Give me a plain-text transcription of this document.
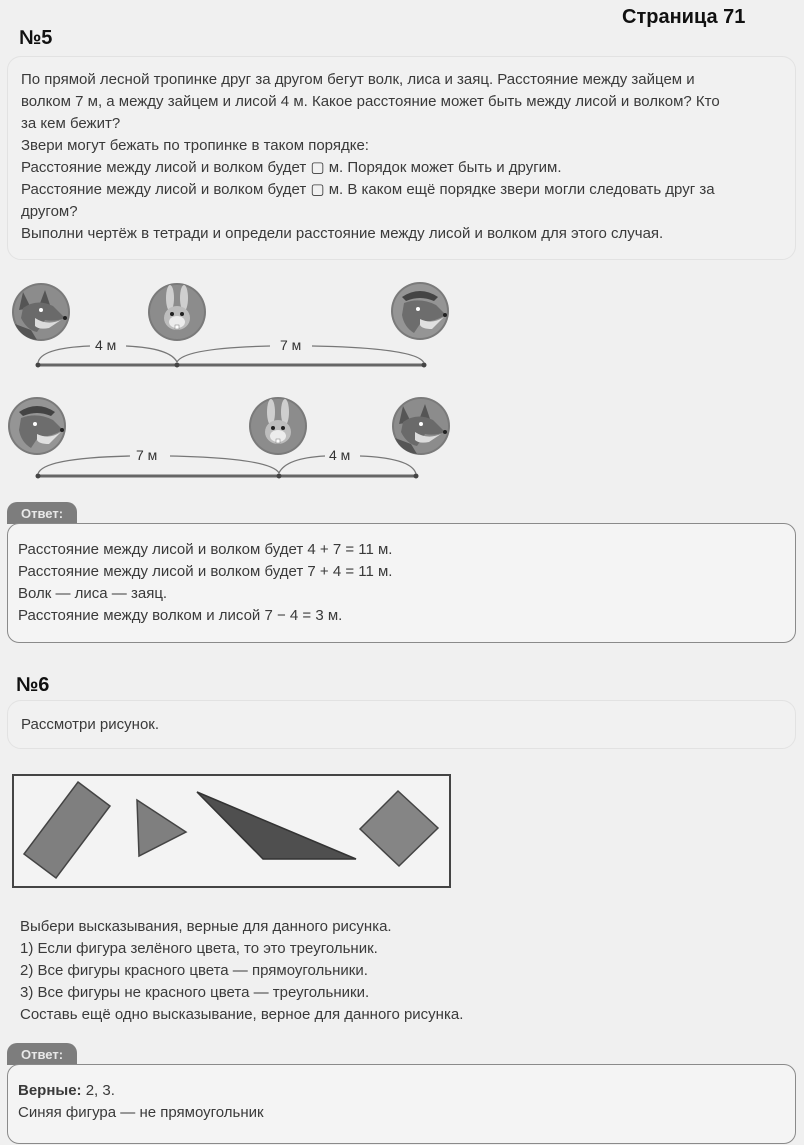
Страница 71
№5
По прямой лесной тропинке друг за другом бегут волк, лиса и заяц. Расстояние между зайцем и
волком 7 м, а между зайцем и лисой 4 м. Какое расстояние может быть между лисой и волком? Кто
за кем бежит?
Звери могут бежать по тропинке в таком порядке:
Расстояние между лисой и волком будет ▢ м. Порядок может быть и другим.
Расстояние между лисой и волком будет ▢ м. В каком ещё порядке звери могли следовать друг за
другом?
Выполни чертёж в тетради и определи расстояние между лисой и волком для этого случая.
4 м	7 м
7 м	4 м
Ответ:
Расстояние между лисой и волком будет 4 + 7 = 11 м.
Расстояние между лисой и волком будет 7 + 4 = 11 м.
Волк — лиса — заяц.
Расстояние между волком и лисой 7 − 4 = 3 м.
№6
Рассмотри рисунок.
Выбери высказывания, верные для данного рисунка.
1) Если фигура зелёного цвета, то это треугольник.
2) Все фигуры красного цвета — прямоугольники.
3) Все фигуры не красного цвета — треугольники.
Составь ещё одно высказывание, верное для данного рисунка.
Ответ:
Верные: 2, 3.
Синяя фигура — не прямоугольник
